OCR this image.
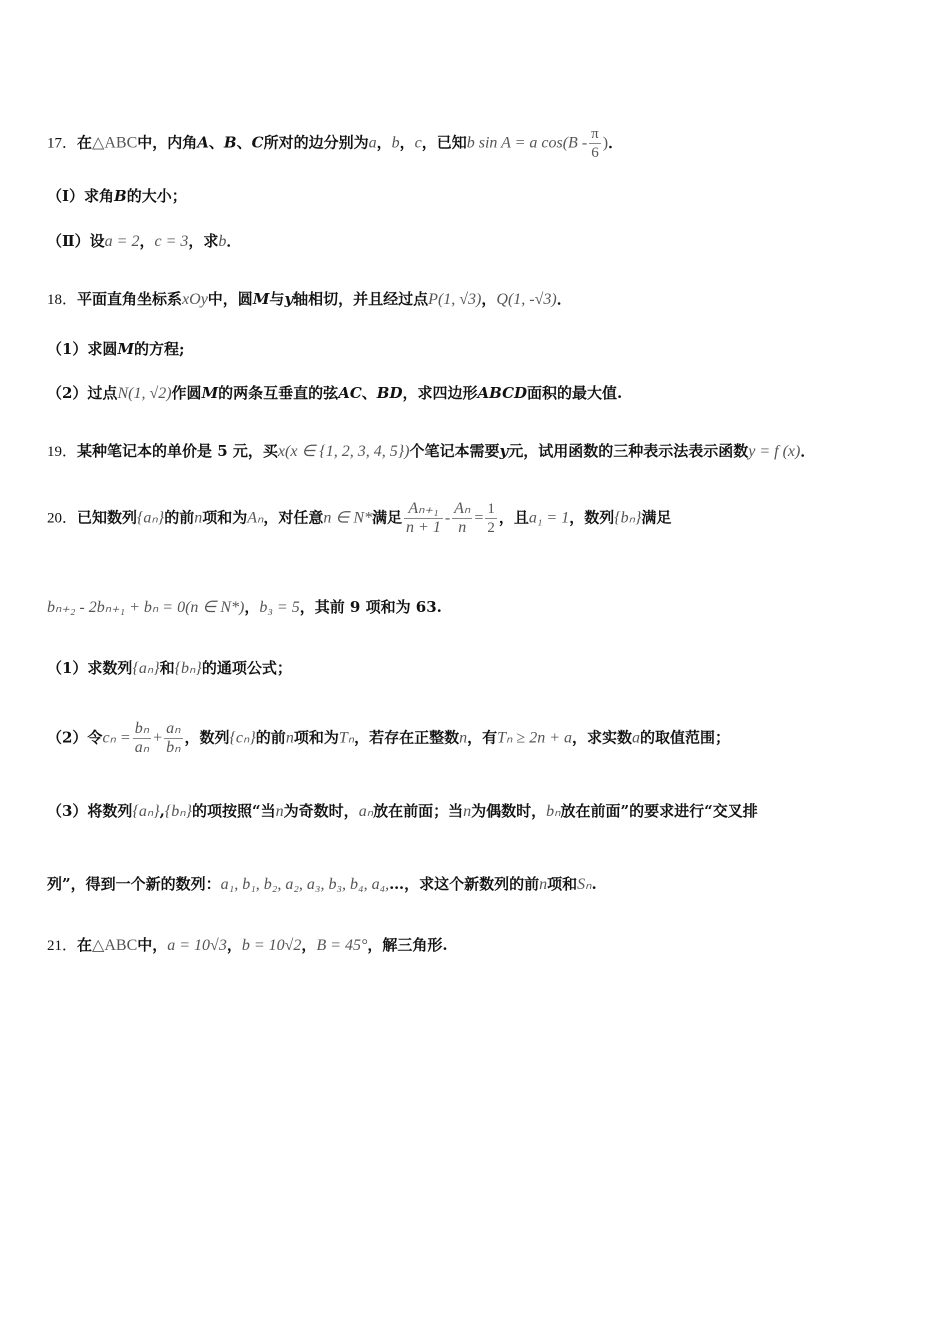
17．在△ABC中，内角A、B、C所对的边分别为a，b，c，已知b sin A = a $\cos(B - \frac{\pi}{6}$ )．
（Ⅰ）求角B的大小；
（Ⅱ）设a = 2，c = 3，求b．
18．平面直角坐标系xOy中，圆M与y轴相切，并且经过点P(1, √3)，Q(1, -√3)．
（1）求圆M的方程;
（2）过点N(1, √2)作圆M的两条互垂直的弦AC、BD，求四边形ABCD面积的最大值.
19．某种笔记本的单价是 5 元，买x(x ∈ {1, 2, 3, 4, 5})个笔记本需要y元，试用函数的三种表示法表示函数y = f (x)．
20．已知数列{aₙ}的前n项和为Aₙ，对任意n ∈ N*满足 $\frac{\text{Aₙ₊₁}}{n + 1} - \frac{\text{Aₙ}}{n} = \frac{1}{2}$ ，且a₁ = 1，数列{bₙ}满足
bₙ₊₂ - 2bₙ₊₁ + bₙ = 0(n ∈ N*)，b₃ = 5，其前 9 项和为 63.
（1）求数列{aₙ}和{bₙ}的通项公式；
（2）令$c_n = \frac{\text{bₙ}}{\text{aₙ}} + \frac{\text{aₙ}}{\text{bₙ}}$ ，数列{cₙ}的前n项和为Tₙ，若存在正整数n，有Tₙ ≥ 2n + a，求实数a的取值范围；
（3）将数列{aₙ},{bₙ}的项按照“当n为奇数时，aₙ放在前面；当n为偶数时，bₙ放在前面”的要求进行“交叉排
列”，得到一个新的数列：a₁, b₁, b₂, a₂, a₃, b₃, b₄, a₄,…，求这个新数列的前n项和Sₙ.
21．在△ABC中，a = 10√3，b = 10√2，B = 45°，解三角形.
